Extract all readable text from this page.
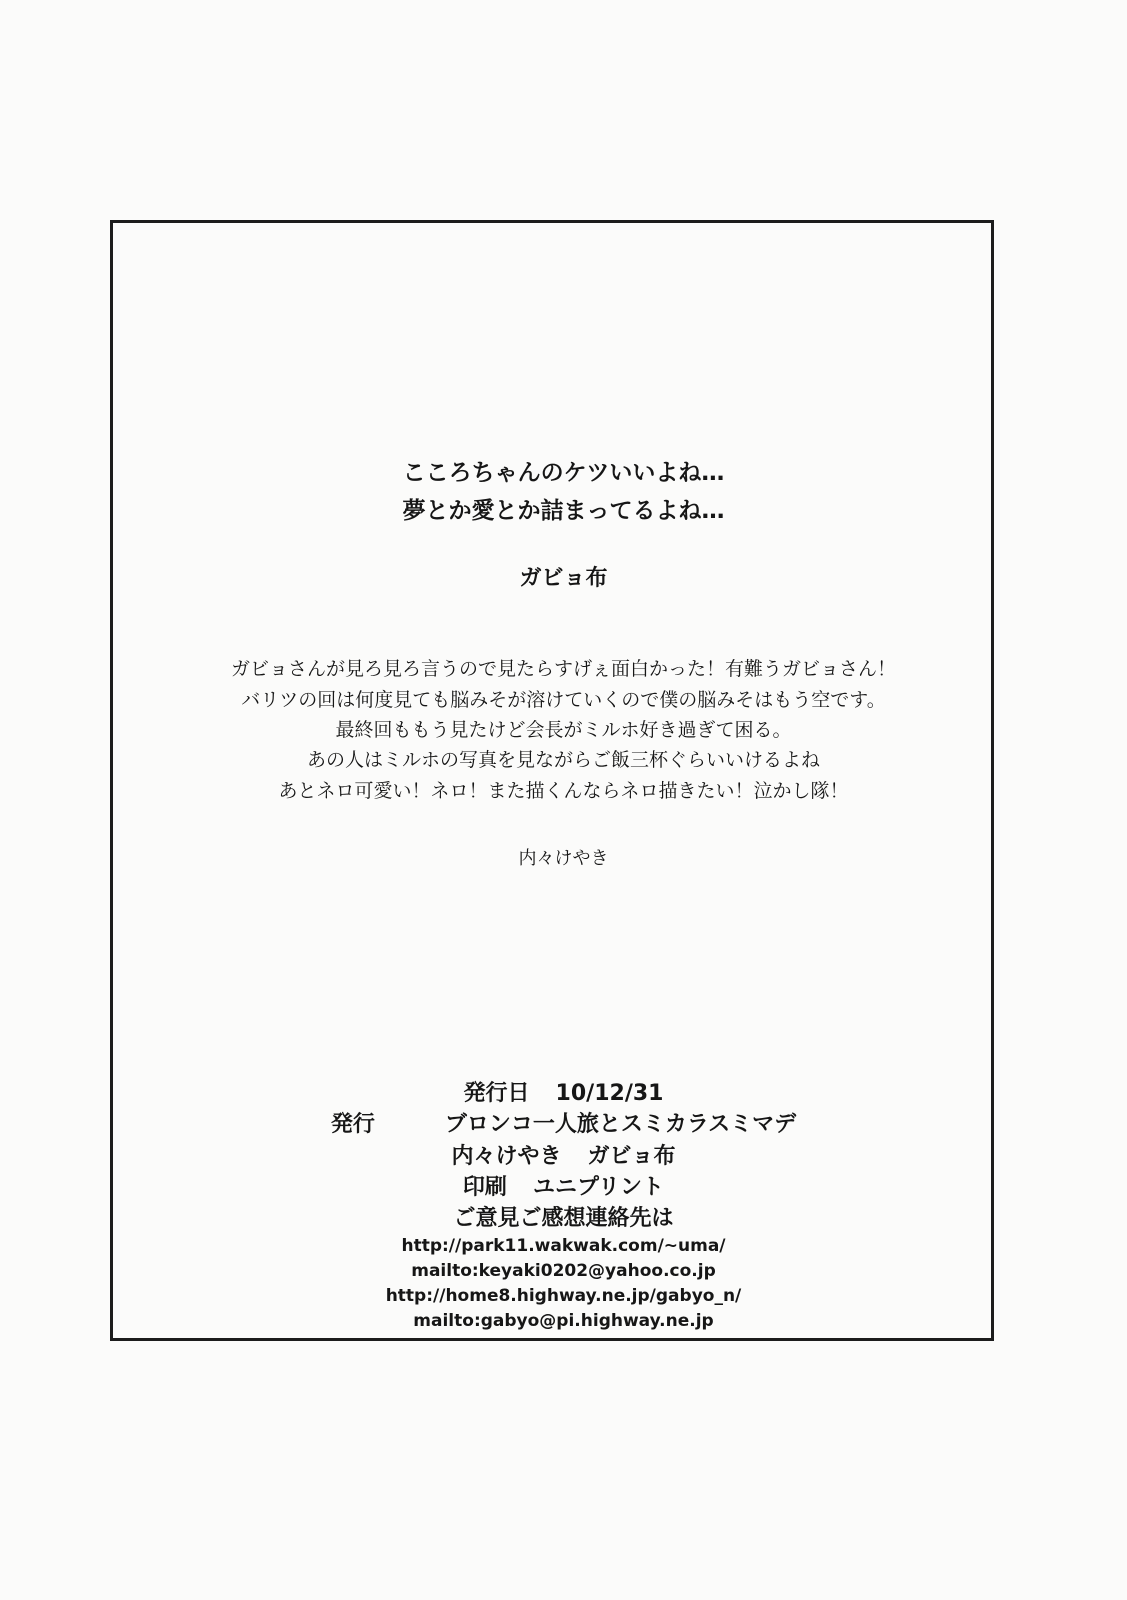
こころちゃんのケツいいよね…

夢とか愛とか詰まってるよね…

ガビョ布

ガビョさんが見ろ見ろ言うので見たらすげぇ面白かった！有難うガビョさん！

バリツの回は何度見ても脳みそが溶けていくので僕の脳みそはもう空です。

最終回ももう見たけど会長がミルホ好き過ぎて困る。

あの人はミルホの写真を見ながらご飯三杯ぐらいいけるよね

あとネロ可愛い！ネロ！また描くんならネロ描きたい！泣かし隊！

内々けやき

発行日 10/12/31

発行	ブロンコ一人旅とスミカラスミマデ

内々けやき ガビョ布

印刷 ユニプリント

ご意見ご感想連絡先は

http://park11.wakwak.com/~uma/

mailto:keyaki0202@yahoo.co.jp

http://home8.highway.ne.jp/gabyo_n/

mailto:gabyo@pi.highway.ne.jp
